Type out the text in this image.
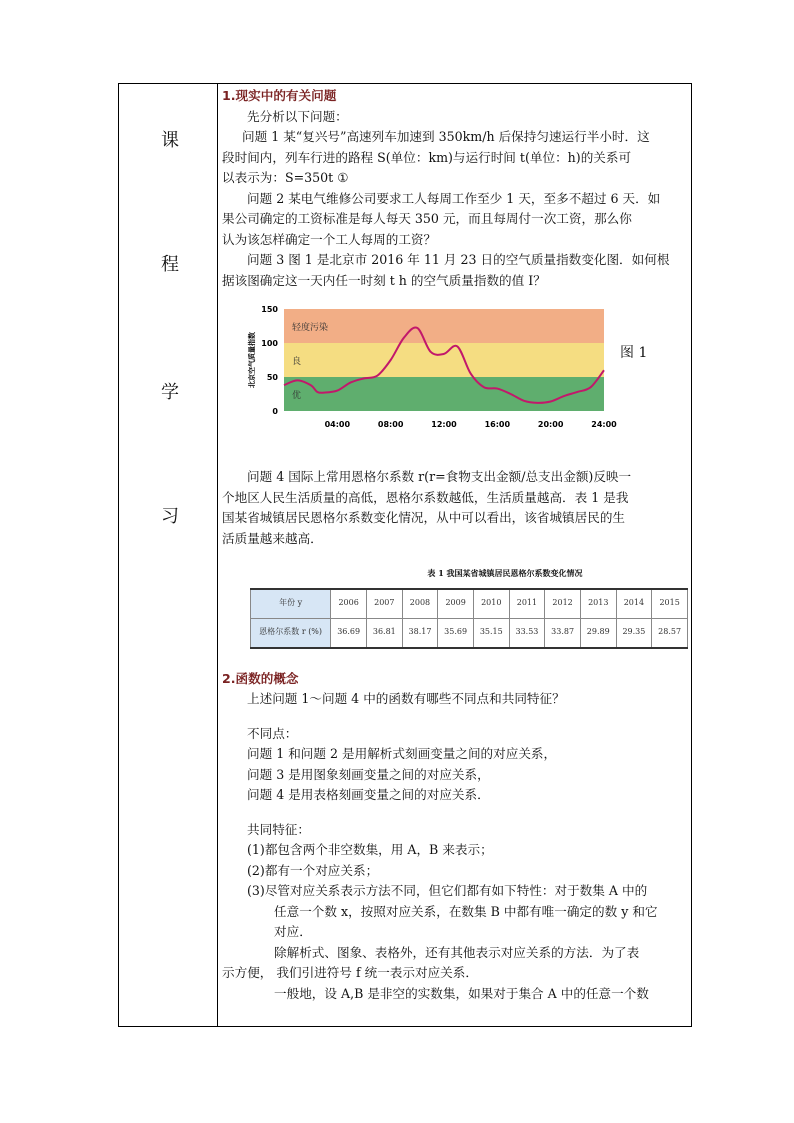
课
程
学
习
1.现实中的有关问题
先分析以下问题：
问题 1 某“复兴号”高速列车加速到 350km/h 后保持匀速运行半小时．这
段时间内，列车行进的路程 S(单位：km)与运行时间 t(单位：h)的关系可
以表示为：S=350t ①
问题 2 某电气维修公司要求工人每周工作至少 1 天，至多不超过 6 天．如
果公司确定的工资标准是每人每天 350 元，而且每周付一次工资，那么你
认为该怎样确定一个工人每周的工资？
问题 3 图 1 是北京市 2016 年 11 月 23 日的空气质量指数变化图．如何根
据该图确定这一天内任一时刻 t h 的空气质量指数的值 I？
优
良
轻度污染
0
50
100
150
04:00	08:00	12:00	16:00	20:00	24:00
北京空气质量指数	图 1
问题 4 国际上常用恩格尔系数 r(r=食物支出金额/总支出金额)反映一
个地区人民生活质量的高低，恩格尔系数越低，生活质量越高．表 1 是我
国某省城镇居民恩格尔系数变化情况，从中可以看出，该省城镇居民的生
活质量越来越高．
表 1 我国某省城镇居民恩格尔系数变化情况
年份 y	2006	2007	2008	2009	2010	2011	2012	2013	2014	2015
恩格尔系数 r (%)	36.69	36.81	38.17	35.69	35.15	33.53	33.87	29.89	29.35	28.57
2.函数的概念
上述问题 1～问题 4 中的函数有哪些不同点和共同特征？
不同点：
问题 1 和问题 2 是用解析式刻画变量之间的对应关系，
问题 3 是用图象刻画变量之间的对应关系，
问题 4 是用表格刻画变量之间的对应关系．
共同特征：
(1)都包含两个非空数集，用 A，B 来表示；
(2)都有一个对应关系；
(3)尽管对应关系表示方法不同，但它们都有如下特性：对于数集 A 中的
任意一个数 x，按照对应关系，在数集 B 中都有唯一确定的数 y 和它
对应．
除解析式、图象、表格外，还有其他表示对应关系的方法．为了表
示方便， 我们引进符号 f 统一表示对应关系．
一般地，设 A,B 是非空的实数集，如果对于集合 A 中的任意一个数
